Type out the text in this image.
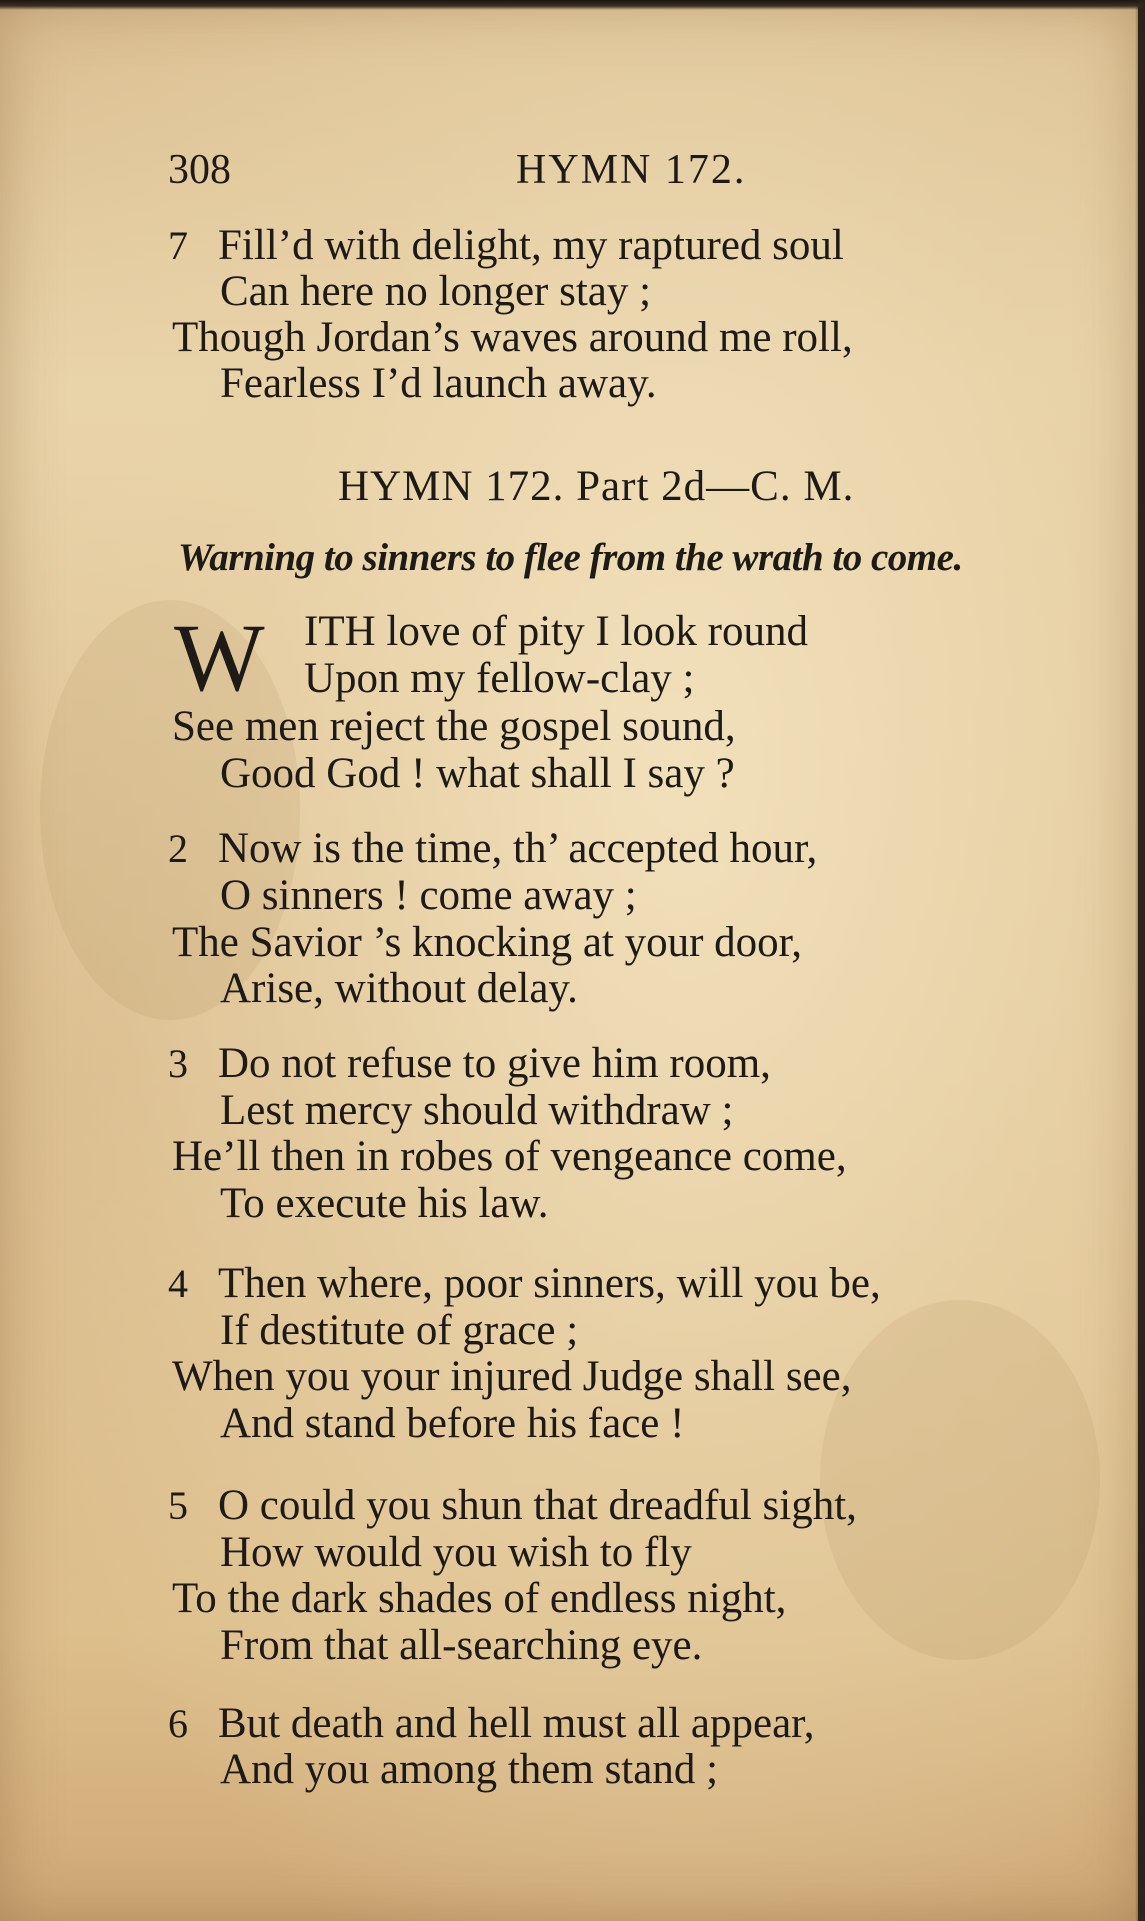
308	HYMN 172.
7 Fill’d with delight, my raptured soul
Can here no longer stay ;
Though Jordan’s waves around me roll,
Fearless I’d launch away.
HYMN 172. Part 2d—C. M.
Warning to sinners to flee from the wrath to come.
W ITH love of pity I look round
Upon my fellow-clay ;
See men reject the gospel sound,
Good God ! what shall I say ?
2 Now is the time, th’ accepted hour,
O sinners ! come away ;
The Savior ’s knocking at your door,
Arise, without delay.
3 Do not refuse to give him room,
Lest mercy should withdraw ;
He’ll then in robes of vengeance come,
To execute his law.
4 Then where, poor sinners, will you be,
If destitute of grace ;
When you your injured Judge shall see,
And stand before his face !
5 O could you shun that dreadful sight,
How would you wish to fly
To the dark shades of endless night,
From that all-searching eye.
6 But death and hell must all appear,
And you among them stand ;
